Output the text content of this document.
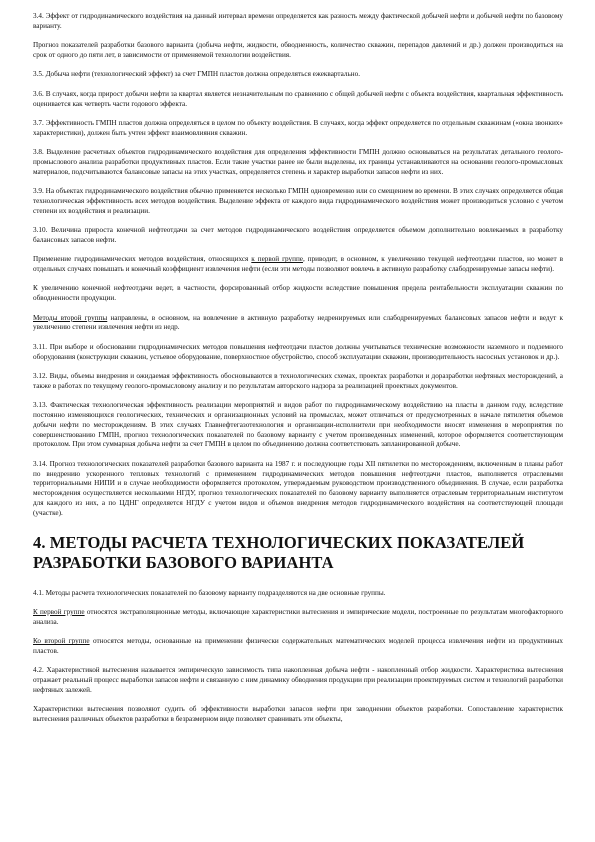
3.4. Эффект от гидродинамического воздействия на данный интервал времени определяется как разность между фактической добычей нефти и добычей нефти по базовому варианту.

Прогноз показателей разработки базового варианта (добыча нефти, жидкости, обводненность, количество скважин, перепадов давлений и др.) должен производиться на срок от одного до пяти лет, в зависимости от применяемой технологии воздействия.

3.5. Добыча нефти (технологический эффект) за счет ГМПН пластов должна определяться ежеквартально.

3.6. В случаях, когда прирост добычи нефти за квартал является незначительным по сравнению с общей добычей нефти с объекта воздействия, квартальная эффективность оценивается как четверть части годового эффекта.

3.7. Эффективность ГМПН пластов должна определяться в целом по объекту воздействия. В случаях, когда эффект определяется по отдельным скважинам («окна звонких» характеристики), должен быть учтен эффект взаимовлияния скважин.

3.8. Выделение расчетных объектов гидродинамического воздействия для определения эффективности ГМПН должно основываться на результатах детального геолого-промыслового анализа разработки продуктивных пластов. Если такие участки ранее не были выделены, их границы устанавливаются на основании геолого-промысловых материалов, подсчитываются балансовые запасы на этих участках, определяется степень и характер выработки запасов нефти из них.

3.9. На объектах гидродинамического воздействия обычно применяется несколько ГМПН одновременно или со смещением во времени. В этих случаях определяется общая технологическая эффективность всех методов воздействия. Выделение эффекта от каждого вида гидродинамического воздействия может производиться условно с учетом степени их воздействия и реализации.

3.10. Величина прироста конечной нефтеотдачи за счет методов гидродинамического воздействия определяется объемом дополнительно вовлекаемых в разработку балансовых запасов нефти.

Применение гидродинамических методов воздействия, относящихся к первой группе, приводит, в основном, к увеличению текущей нефтеотдачи пластов, но может в отдельных случаях повышать и конечный коэффициент извлечения нефти (если эти методы позволяют вовлечь в активную разработку слабодренируемые запасы нефти).

К увеличению конечной нефтеотдачи ведет, в частности, форсированный отбор жидкости вследствие повышения предела рентабельности эксплуатации скважин по обводненности продукции.

Методы второй группы направлены, в основном, на вовлечение в активную разработку недренируемых или слабодренируемых балансовых запасов нефти и ведут к увеличению степени извлечения нефти из недр.

3.11. При выборе и обосновании гидродинамических методов повышения нефтеотдачи пластов должны учитываться технические возможности наземного и подземного оборудования (конструкции скважин, устьевое оборудование, поверхностное обустройство, способ эксплуатации скважин, производительность насосных установок и др.).

3.12. Виды, объемы внедрения и ожидаемая эффективность обосновываются в технологических схемах, проектах разработки и доразработки нефтяных месторождений, а также в работах по текущему геолого-промысловому анализу и по результатам авторского надзора за реализацией проектных документов.

3.13. Фактическая технологическая эффективность реализации мероприятий и видов работ по гидродинамическому воздействию на пласты в данном году, вследствие постоянно изменяющихся геологических, технических и организационных условий на промыслах, может отличаться от предусмотренных в начале пятилетия объемов добычи нефти по месторождениям. В этих случаях Главнефтегазотехнология и организации-исполнители при необходимости вносят изменения в мероприятия по совершенствованию ГМПН, прогноз технологических показателей по базовому варианту с учетом произведенных изменений, которое оформляется соответствующим протоколом. При этом суммарная добыча нефти за счет ГМПН в целом по объединению должна соответствовать запланированной добыче.

3.14. Прогноз технологических показателей разработки базового варианта на 1987 г. и последующие годы XII пятилетки по месторождениям, включенным в планы работ по внедрению ускоренного тепловых технологий с применением гидродинамических методов повышения нефтеотдачи пластов, выполняется отраслевыми территориальными НИПИ и в случае необходимости оформляется протоколом, утверждаемым руководством производственного объединения. В случае, если разработка месторождения осуществляется несколькими НГДУ, прогноз технологических показателей по базовому варианту выполняется отраслевым территориальным институтом для каждого из них, а по ЦДНГ определяется НГДУ с учетом видов и объемов внедрения методов гидродинамического воздействия на соответствующей площади (участке).

4. МЕТОДЫ РАСЧЕТА ТЕХНОЛОГИЧЕСКИХ ПОКАЗАТЕЛЕЙ РАЗРАБОТКИ БАЗОВОГО ВАРИАНТА

4.1. Методы расчета технологических показателей по базовому варианту подразделяются на две основные группы.

К первой группе относятся экстраполяционные методы, включающие характеристики вытеснения и эмпирические модели, построенные по результатам многофакторного анализа.

Ко второй группе относятся методы, основанные на применении физически содержательных математических моделей процесса извлечения нефти из продуктивных пластов.

4.2. Характеристикой вытеснения называется эмпирическую зависимость типа накопленная добыча нефти - накопленный отбор жидкости. Характеристика вытеснения отражает реальный процесс выработки запасов нефти и связанную с ним динамику обводнения продукции при реализации проектируемых систем и технологий разработки нефтяных залежей.

Характеристики вытеснения позволяют судить об эффективности выработки запасов нефти при заводнении объектов разработки. Сопоставление характеристик вытеснения различных объектов разработки в безразмерном виде позволяет сравнивать эти объекты,
